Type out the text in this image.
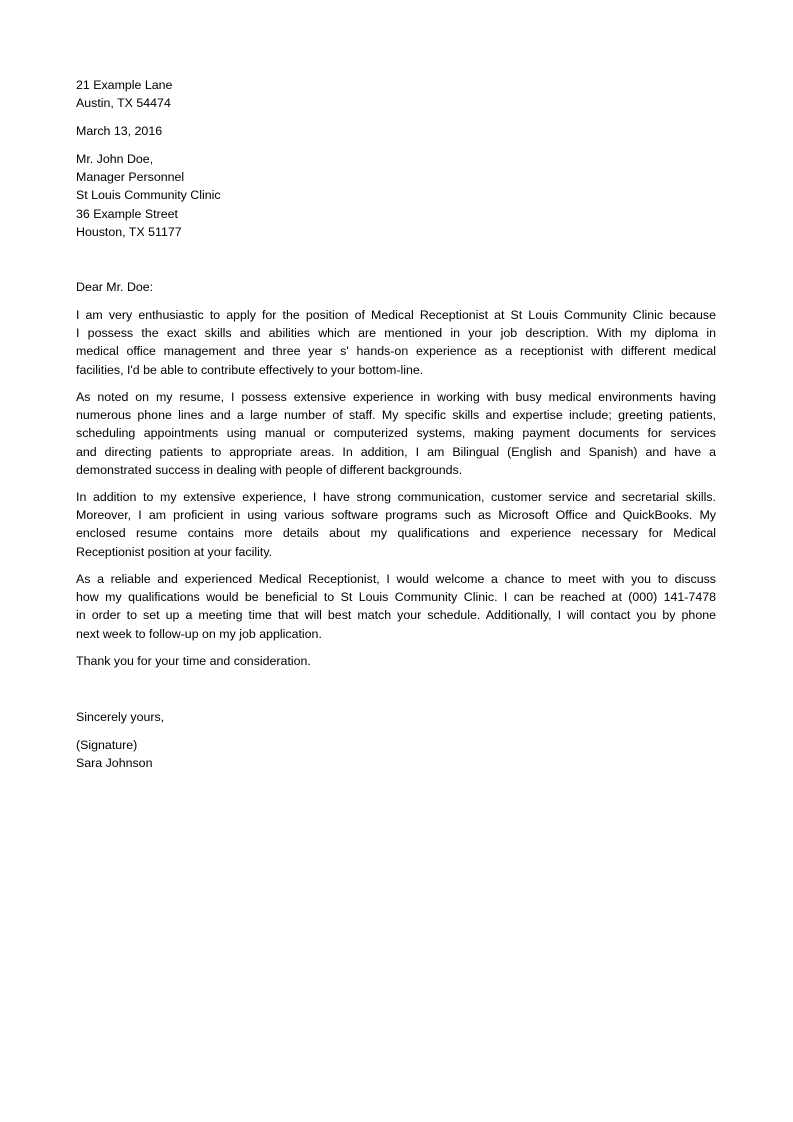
21 Example Lane
Austin, TX 54474
March 13, 2016
Mr. John Doe,
Manager Personnel
St Louis Community Clinic
36 Example Street
Houston, TX 51177
Dear Mr. Doe:
I am very enthusiastic to apply for the position of Medical Receptionist at St Louis Community Clinic because
I possess the exact skills and abilities which are mentioned in your job description. With my diploma in
medical office management and three year s' hands-on experience as a receptionist with different medical
facilities, I'd be able to contribute effectively to your bottom-line.
As noted on my resume, I possess extensive experience in working with busy medical environments having
numerous phone lines and a large number of staff. My specific skills and expertise include; greeting patients,
scheduling appointments using manual or computerized systems, making payment documents for services
and directing patients to appropriate areas. In addition, I am Bilingual (English and Spanish) and have a
demonstrated success in dealing with people of different backgrounds.
In addition to my extensive experience, I have strong communication, customer service and secretarial skills.
Moreover, I am proficient in using various software programs such as Microsoft Office and QuickBooks. My
enclosed resume contains more details about my qualifications and experience necessary for Medical
Receptionist position at your facility.
As a reliable and experienced Medical Receptionist, I would welcome a chance to meet with you to discuss
how my qualifications would be beneficial to St Louis Community Clinic. I can be reached at (000) 141-7478
in order to set up a meeting time that will best match your schedule. Additionally, I will contact you by phone
next week to follow-up on my job application.
Thank you for your time and consideration.
Sincerely yours,
(Signature)
Sara Johnson
